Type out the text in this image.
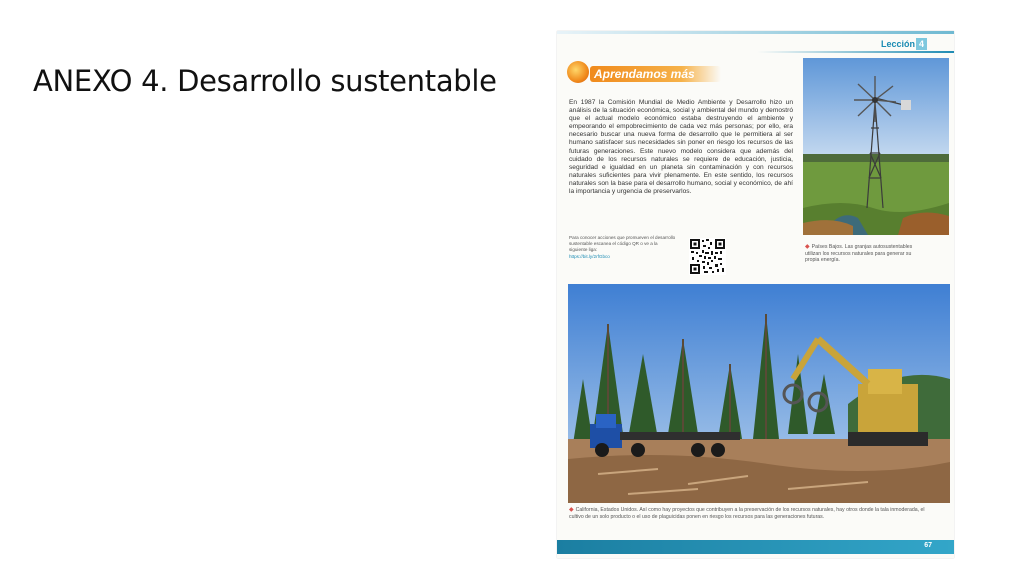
ANEXO 4. Desarrollo sustentable
Lección 4
Aprendamos más
En 1987 la Comisión Mundial de Medio Ambiente y Desarrollo hizo un análisis de la situación económica, social y ambiental del mundo y demostró que el actual modelo económico estaba destruyendo el ambiente y empeorando el empobrecimiento de cada vez más personas; por ello, era necesario buscar una nueva forma de desarrollo que le permitiera al ser humano satisfacer sus necesidades sin poner en riesgo los recursos de las futuras generaciones. Este nuevo modelo considera que además del cuidado de los recursos naturales se requiere de educación, justicia, seguridad e igualdad en un planeta sin contaminación y con recursos naturales suficientes para vivir plenamente. En este sentido, los recursos naturales son la base para el desarrollo humano, social y económico, de ahí la importancia y urgencia de preservarlos.
Para conocer acciones que promueven el desarrollo sustentable escanea el código QR o ve a la siguiente liga:
https://bit.ly/2rfGbco
◆ Países Bajos. Las granjas autosustentables utilizan los recursos naturales para generar su propia energía.
◆ California, Estados Unidos. Así como hay proyectos que contribuyen a la preservación de los recursos naturales, hay otros donde la tala inmoderada, el cultivo de un solo producto o el uso de plaguicidas ponen en riesgo los recursos para las generaciones futuras.
67
